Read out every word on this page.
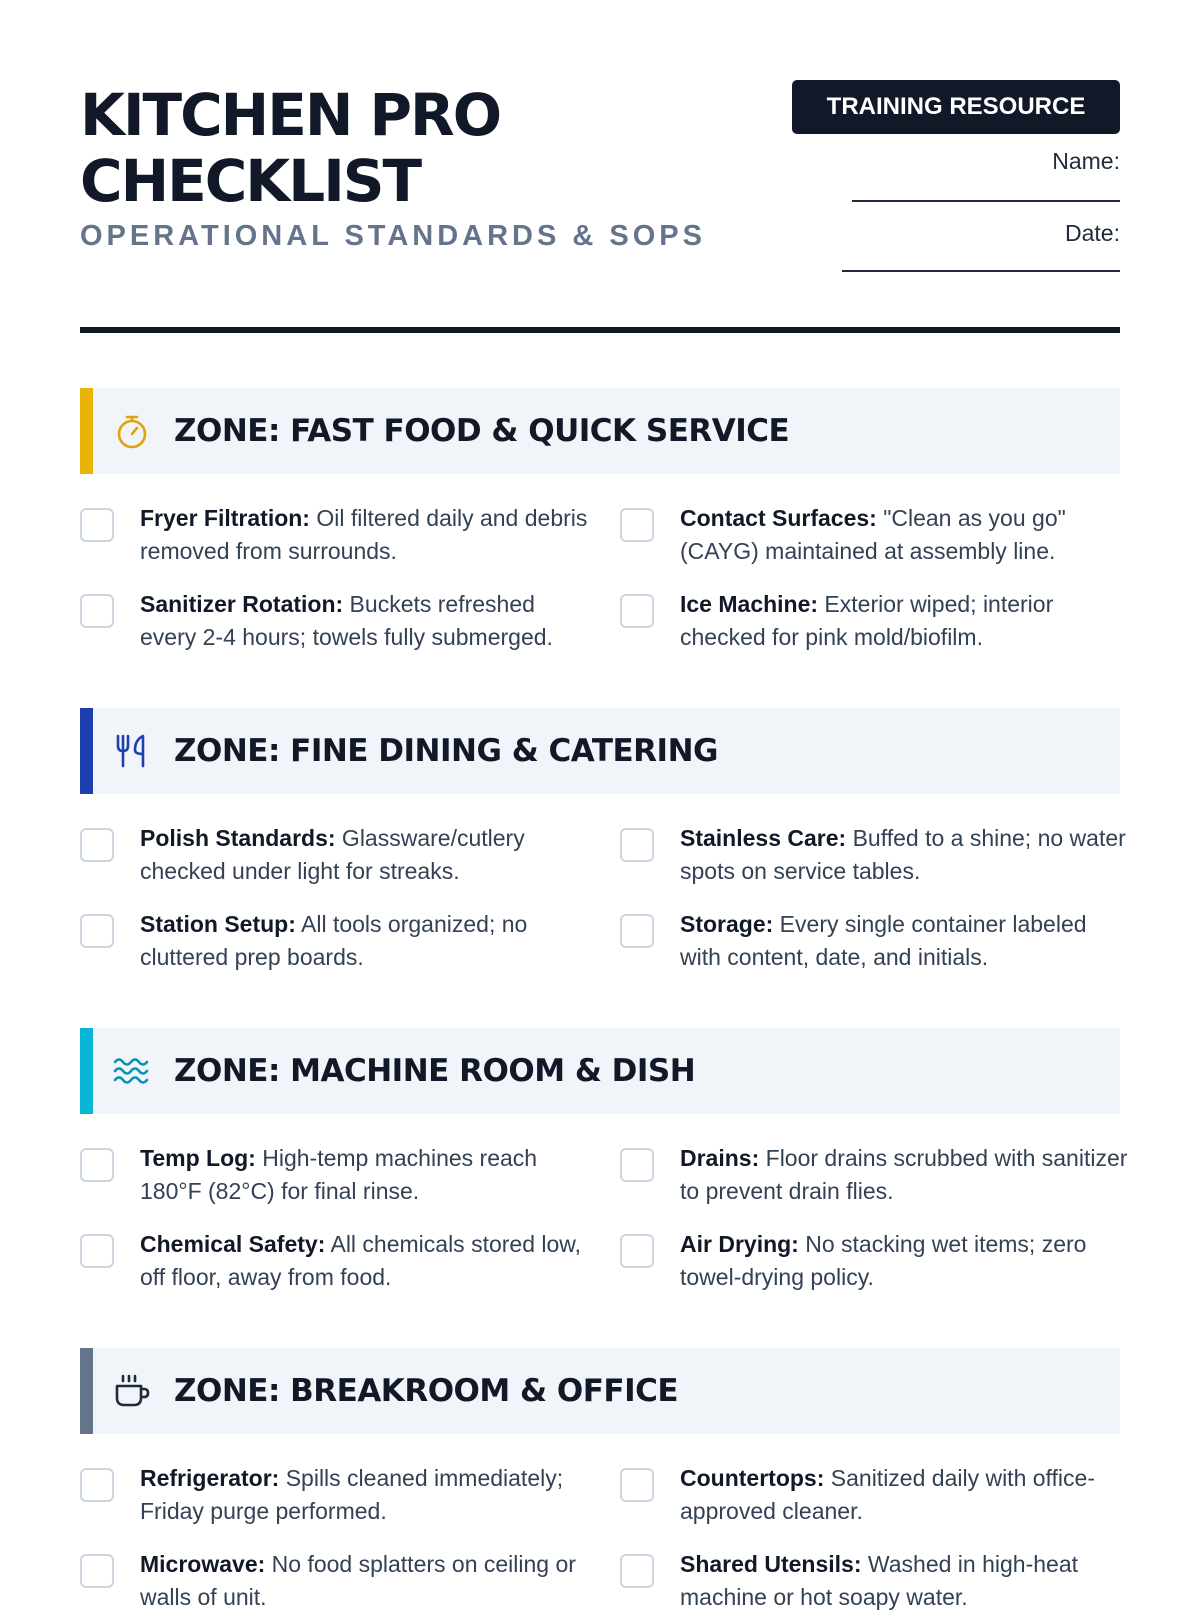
KITCHEN PRO
CHECKLIST
OPERATIONAL STANDARDS & SOPS
TRAINING RESOURCE
Name:
Date:
ZONE: FAST FOOD & QUICK SERVICE
Fryer Filtration: Oil filtered daily and debris removed from surrounds.
Contact Surfaces: "Clean as you go" (CAYG) maintained at assembly line.
Sanitizer Rotation: Buckets refreshed every 2-4 hours; towels fully submerged.
Ice Machine: Exterior wiped; interior checked for pink mold/biofilm.
ZONE: FINE DINING & CATERING
Polish Standards: Glassware/cutlery checked under light for streaks.
Stainless Care: Buffed to a shine; no water spots on service tables.
Station Setup: All tools organized; no cluttered prep boards.
Storage: Every single container labeled with content, date, and initials.
ZONE: MACHINE ROOM & DISH
Temp Log: High-temp machines reach 180°F (82°C) for final rinse.
Drains: Floor drains scrubbed with sanitizer to prevent drain flies.
Chemical Safety: All chemicals stored low, off floor, away from food.
Air Drying: No stacking wet items; zero towel-drying policy.
ZONE: BREAKROOM & OFFICE
Refrigerator: Spills cleaned immediately; Friday purge performed.
Countertops: Sanitized daily with office-approved cleaner.
Microwave: No food splatters on ceiling or walls of unit.
Shared Utensils: Washed in high-heat machine or hot soapy water.
